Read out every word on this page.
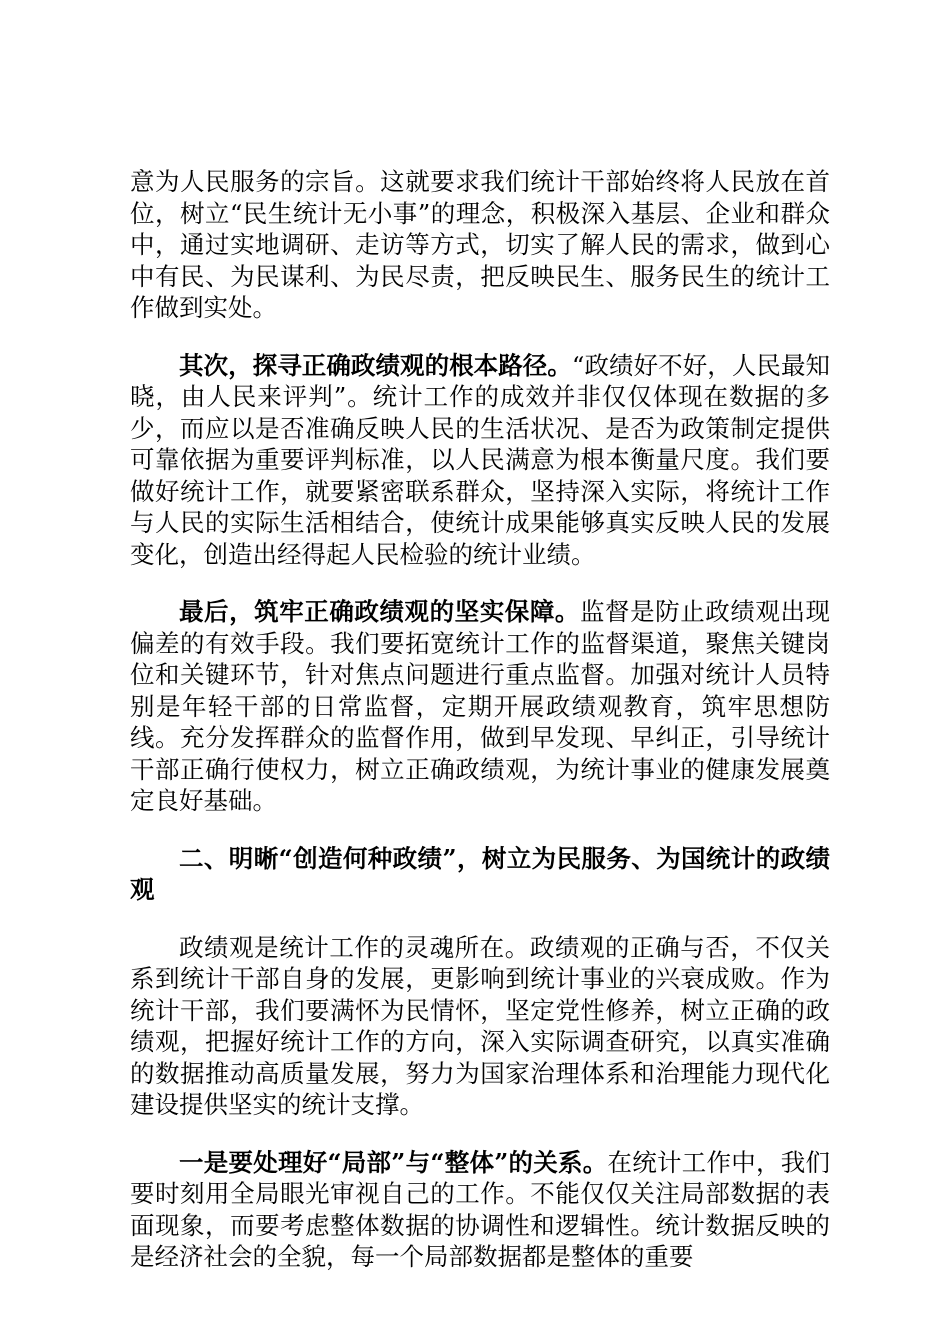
意为人民服务的宗旨。这就要求我们统计干部始终将人民放在首位，树立“民生统计无小事”的理念，积极深入基层、企业和群众中，通过实地调研、走访等方式，切实了解人民的需求，做到心中有民、为民谋利、为民尽责，把反映民生、服务民生的统计工作做到实处。

其次，探寻正确政绩观的根本路径。“政绩好不好，人民最知晓，由人民来评判”。统计工作的成效并非仅仅体现在数据的多少，而应以是否准确反映人民的生活状况、是否为政策制定提供可靠依据为重要评判标准，以人民满意为根本衡量尺度。我们要做好统计工作，就要紧密联系群众，坚持深入实际，将统计工作与人民的实际生活相结合，使统计成果能够真实反映人民的发展变化，创造出经得起人民检验的统计业绩。

最后，筑牢正确政绩观的坚实保障。监督是防止政绩观出现偏差的有效手段。我们要拓宽统计工作的监督渠道，聚焦关键岗位和关键环节，针对焦点问题进行重点监督。加强对统计人员特别是年轻干部的日常监督，定期开展政绩观教育，筑牢思想防线。充分发挥群众的监督作用，做到早发现、早纠正，引导统计干部正确行使权力，树立正确政绩观，为统计事业的健康发展奠定良好基础。

二、明晰“创造何种政绩”，树立为民服务、为国统计的政绩观

政绩观是统计工作的灵魂所在。政绩观的正确与否，不仅关系到统计干部自身的发展，更影响到统计事业的兴衰成败。作为统计干部，我们要满怀为民情怀，坚定党性修养，树立正确的政绩观，把握好统计工作的方向，深入实际调查研究，以真实准确的数据推动高质量发展，努力为国家治理体系和治理能力现代化建设提供坚实的统计支撑。

一是要处理好“局部”与“整体”的关系。在统计工作中，我们要时刻用全局眼光审视自己的工作。不能仅仅关注局部数据的表面现象，而要考虑整体数据的协调性和逻辑性。统计数据反映的是经济社会的全貌，每一个局部数据都是整体的重要
